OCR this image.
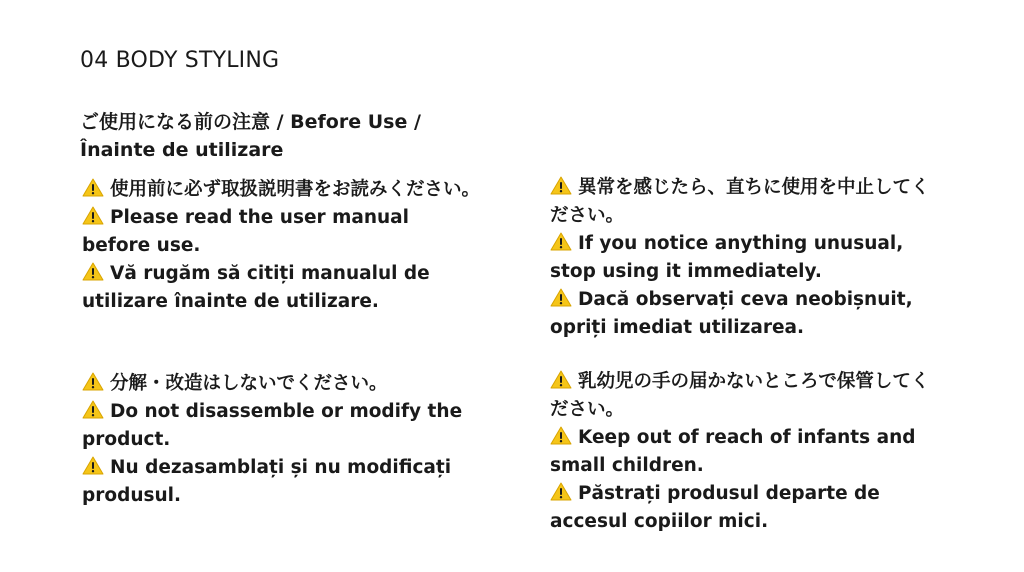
04 BODY STYLING
ご使用になる前の注意 / Before Use / Înainte de utilizare

使用前に必ず取扱説明書をお読みください。

Please read the user manual before use.

Vă rugăm să citiți manualul de utilizare înainte de utilizare.

分解・改造はしないでください。

Do not disassemble or modify the product.

Nu dezasamblați și nu modificați produsul.

異常を感じたら、直ちに使用を中止してください。

If you notice anything unusual, stop using it immediately.

Dacă observați ceva neobișnuit, opriți imediat utilizarea.

乳幼児の手の届かないところで保管してください。

Keep out of reach of infants and small children.

Păstrați produsul departe de accesul copiilor mici.
